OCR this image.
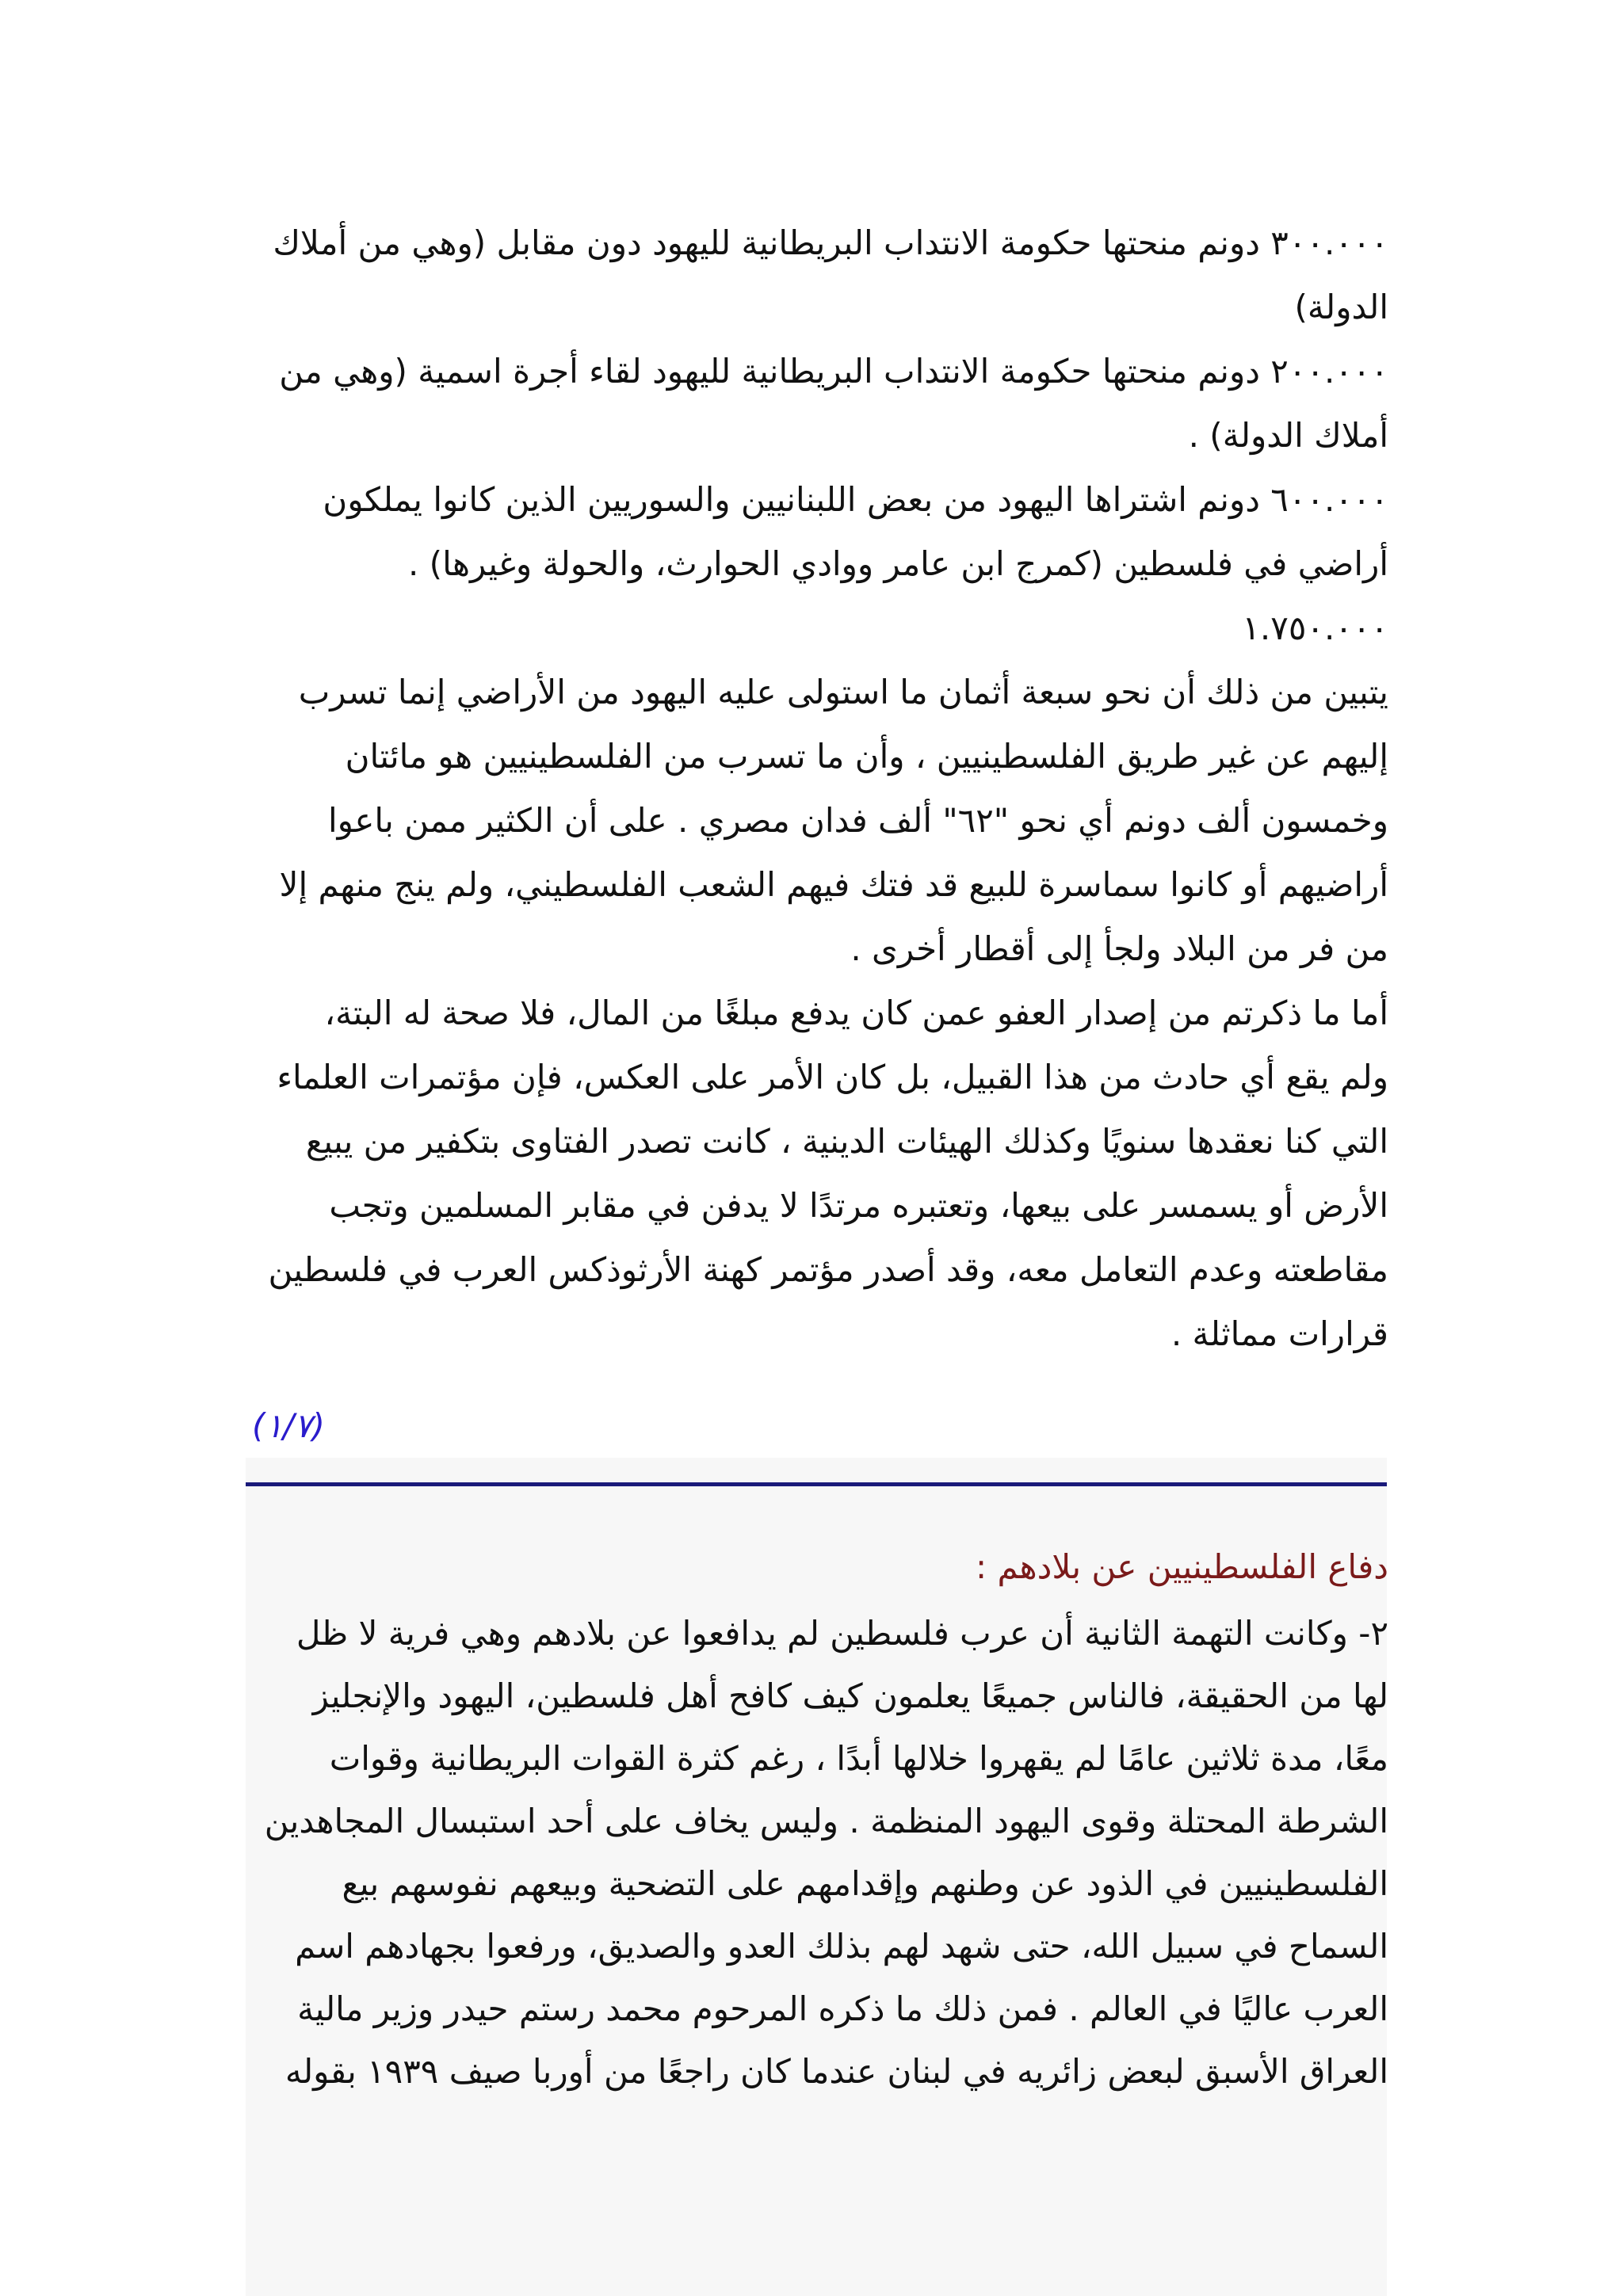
٣٠٠.٠٠٠ دونم منحتها حكومة الانتداب البريطانية لليهود دون مقابل (وهي من أملاك
الدولة)
٢٠٠.٠٠٠ دونم منحتها حكومة الانتداب البريطانية لليهود لقاء أجرة اسمية (وهي من
أملاك الدولة) .
٦٠٠.٠٠٠ دونم اشتراها اليهود من بعض اللبنانيين والسوريين الذين كانوا يملكون
أراضي في فلسطين (كمرج ابن عامر ووادي الحوارث، والحولة وغيرها) .
١.٧٥٠.٠٠٠
يتبين من ذلك أن نحو سبعة أثمان ما استولى عليه اليهود من الأراضي إنما تسرب
إليهم عن غير طريق الفلسطينيين ، وأن ما تسرب من الفلسطينيين هو مائتان
وخمسون ألف دونم أي نحو "٦٢" ألف فدان مصري . على أن الكثير ممن باعوا
أراضيهم أو كانوا سماسرة للبيع قد فتك فيهم الشعب الفلسطيني، ولم ينج منهم إلا
من فر من البلاد ولجأ إلى أقطار أخرى .
أما ما ذكرتم من إصدار العفو عمن كان يدفع مبلغًا من المال، فلا صحة له البتة،
ولم يقع أي حادث من هذا القبيل، بل كان الأمر على العكس، فإن مؤتمرات العلماء
التي كنا نعقدها سنويًا وكذلك الهيئات الدينية ، كانت تصدر الفتاوى بتكفير من يبيع
الأرض أو يسمسر على بيعها، وتعتبره مرتدًا لا يدفن في مقابر المسلمين وتجب
مقاطعته وعدم التعامل معه، وقد أصدر مؤتمر كهنة الأرثوذكس العرب في فلسطين
قرارات مماثلة .
(١/٧)
دفاع الفلسطينيين عن بلادهم :
٢- وكانت التهمة الثانية أن عرب فلسطين لم يدافعوا عن بلادهم وهي فرية لا ظل
لها من الحقيقة، فالناس جميعًا يعلمون كيف كافح أهل فلسطين، اليهود والإنجليز
معًا، مدة ثلاثين عامًا لم يقهروا خلالها أبدًا ، رغم كثرة القوات البريطانية وقوات
الشرطة المحتلة وقوى اليهود المنظمة . وليس يخاف على أحد استبسال المجاهدين
الفلسطينيين في الذود عن وطنهم وإقدامهم على التضحية وبيعهم نفوسهم بيع
السماح في سبيل الله، حتى شهد لهم بذلك العدو والصديق، ورفعوا بجهادهم اسم
العرب عاليًا في العالم . فمن ذلك ما ذكره المرحوم محمد رستم حيدر وزير مالية
العراق الأسبق لبعض زائريه في لبنان عندما كان راجعًا من أوربا صيف ١٩٣٩ بقوله
